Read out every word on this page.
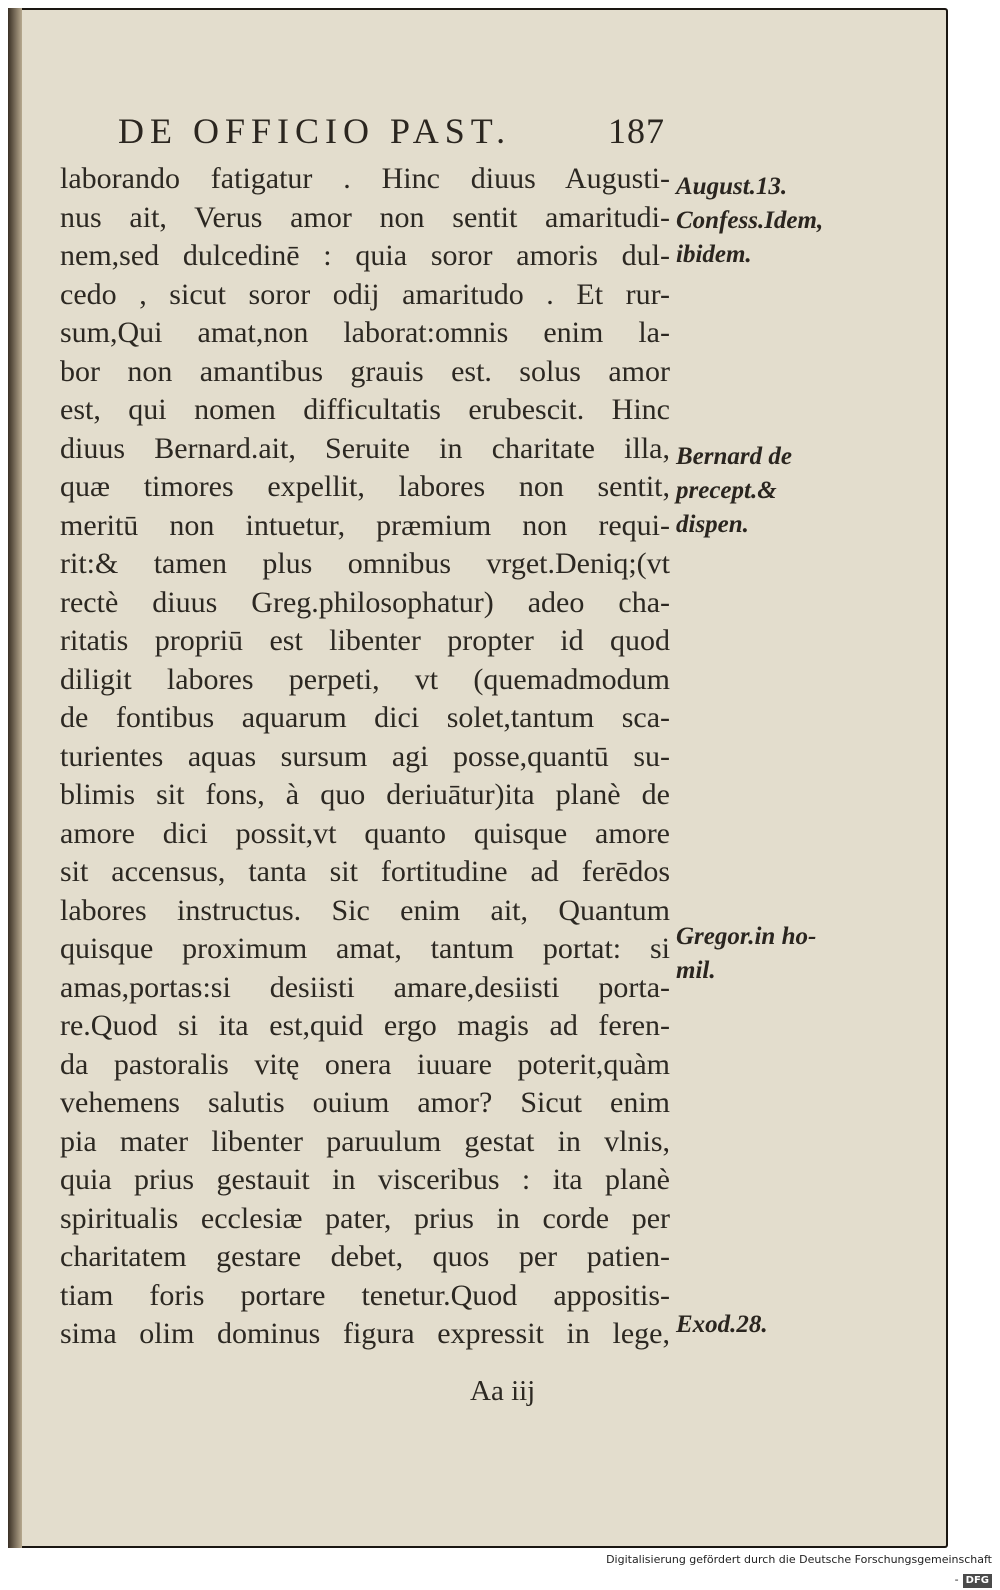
DE OFFICIO PAST.	187
laborando fatigatur . Hinc diuus Augusti-
nus ait, Verus amor non sentit amaritudi-
nem,sed dulcedinē : quia soror amoris dul-
cedo , sicut soror odij amaritudo . Et rur-
sum,Qui amat,non laborat:omnis enim la-
bor non amantibus grauis est. solus amor
est, qui nomen difficultatis erubescit. Hinc
diuus Bernard.ait, Seruite in charitate illa,
quæ timores expellit, labores non sentit,
meritū non intuetur, præmium non requi-
rit:& tamen plus omnibus vrget.Deniq;(vt
rectè diuus Greg.philosophatur) adeo cha-
ritatis propriū est libenter propter id quod
diligit labores perpeti, vt (quemadmodum
de fontibus aquarum dici solet,tantum sca-
turientes aquas sursum agi posse,quantū su-
blimis sit fons, à quo deriuātur)ita planè de
amore dici possit,vt quanto quisque amore
sit accensus, tanta sit fortitudine ad ferēdos
labores instructus. Sic enim ait, Quantum
quisque proximum amat, tantum portat: si
amas,portas:si desiisti amare,desiisti porta-
re.Quod si ita est,quid ergo magis ad feren-
da pastoralis vitę onera iuuare poterit,quàm
vehemens salutis ouium amor? Sicut enim
pia mater libenter paruulum gestat in vlnis,
quia prius gestauit in visceribus : ita planè
spiritualis ecclesiæ pater, prius in corde per
charitatem gestare debet, quos per patien-
tiam foris portare tenetur.Quod appositis-
sima olim dominus figura expressit in lege,
August.13.
Confess.Idem,
ibidem.
Bernard de
precept.&
dispen.
Gregor.in ho-
mil.
Exod.28.
Aa iij
Digitalisierung gefördert durch die Deutsche Forschungsgemeinschaft - DFG
